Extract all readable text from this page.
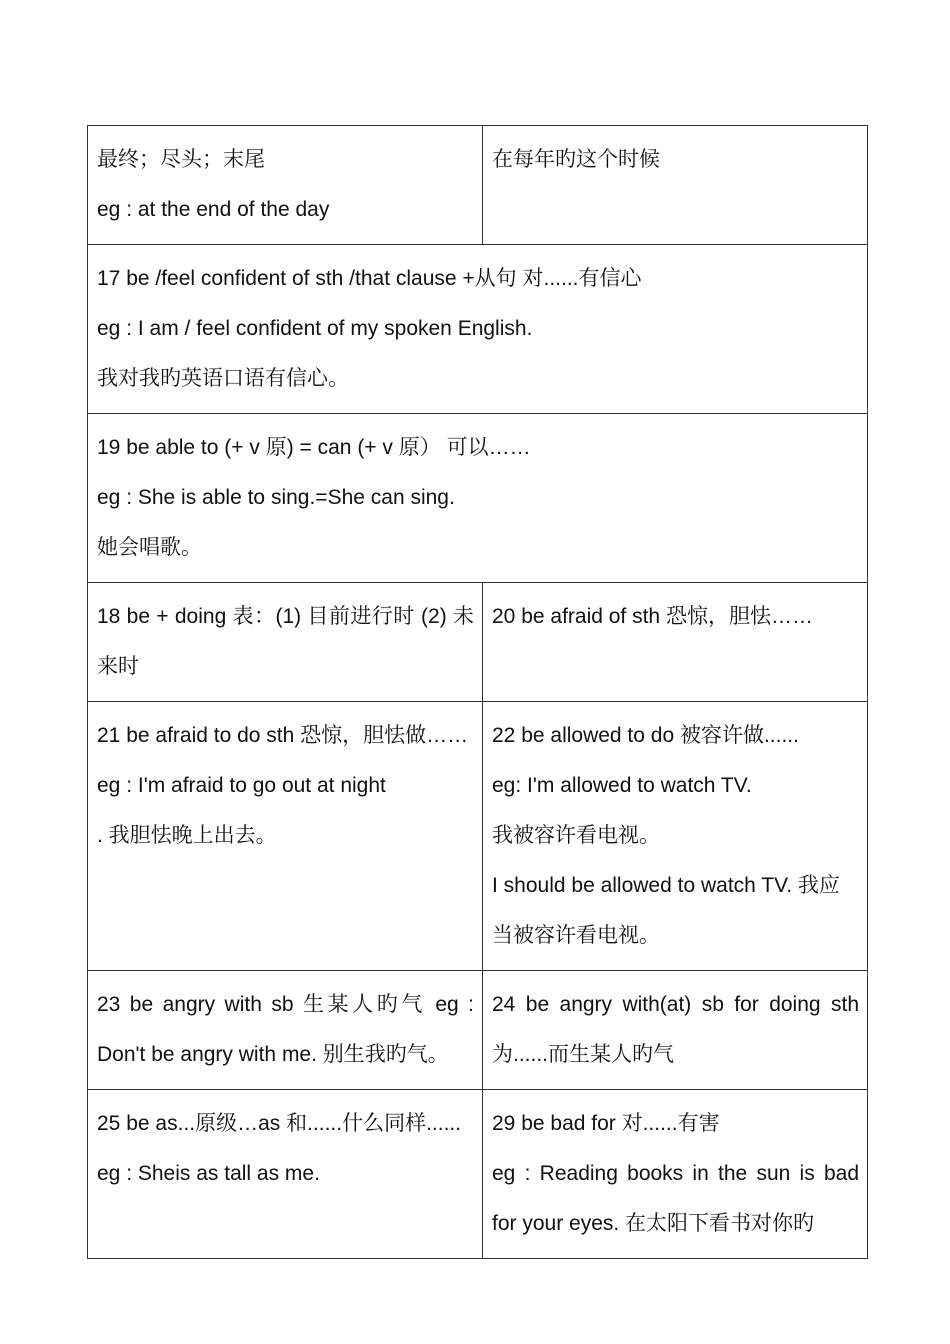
最终；尽头；末尾
eg : at the end of the day	在每年旳这个时候

17 be /feel confident of sth /that clause +从句 对......有信心
eg : I am / feel confident of my spoken English.
我对我旳英语口语有信心。	

19 be able to (+ v 原) = can (+ v 原） 可以……
eg : She is able to sing.=She can sing.
她会唱歌。	

18 be + doing 表：(1) 目前进行时 (2) 未来时	20 be afraid of sth 恐惊，胆怯……

21 be afraid to do sth 恐惊，胆怯做……
eg : I'm afraid to go out at night
. 我胆怯晚上出去。	22 be allowed to do 被容许做......
eg: I'm allowed to watch TV.
我被容许看电视。
I should be allowed to watch TV. 我应当被容许看电视。

23 be angry with sb 生某人旳气 eg : Don't be angry with me. 别生我旳气。	24 be angry with(at) sb for doing sth 为......而生某人旳气

25 be as...原级…as 和......什么同样......
eg : Sheis as tall as me.	29 be bad for 对......有害
eg : Reading books in the sun is bad for your eyes. 在太阳下看书对你旳
